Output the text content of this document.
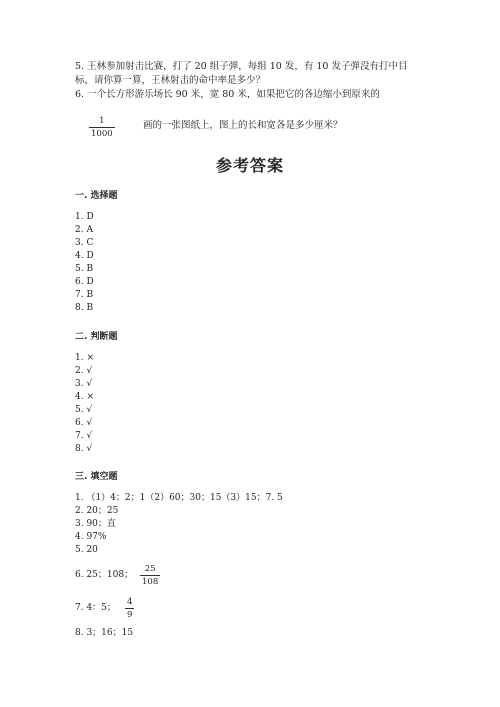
5. 王林参加射击比赛，打了 20 组子弹，每组 10 发，有 10 发子弹没有打中目
标，请你算一算，王林射击的命中率是多少？
6. 一个长方形游乐场长 90 米，宽 80 米，如果把它的各边缩小到原来的
1
1000
画的一张图纸上，图上的长和宽各是多少厘米？
参考答案
一. 选择题
1. D
2. A
3. C
4. D
5. B
6. D
7. B
8. B
二. 判断题
1. ×
2. √
3. √
4. ×
5. √
6. √
7. √
8. √
三. 填空题
1. （1）4；2；1（2）60；30；15（3）15；7. 5
2. 20；25
3. 90；直
4. 97%
5. 20
6. 25；108；
25
108
7. 4：5；
4
9
8. 3；16；15
